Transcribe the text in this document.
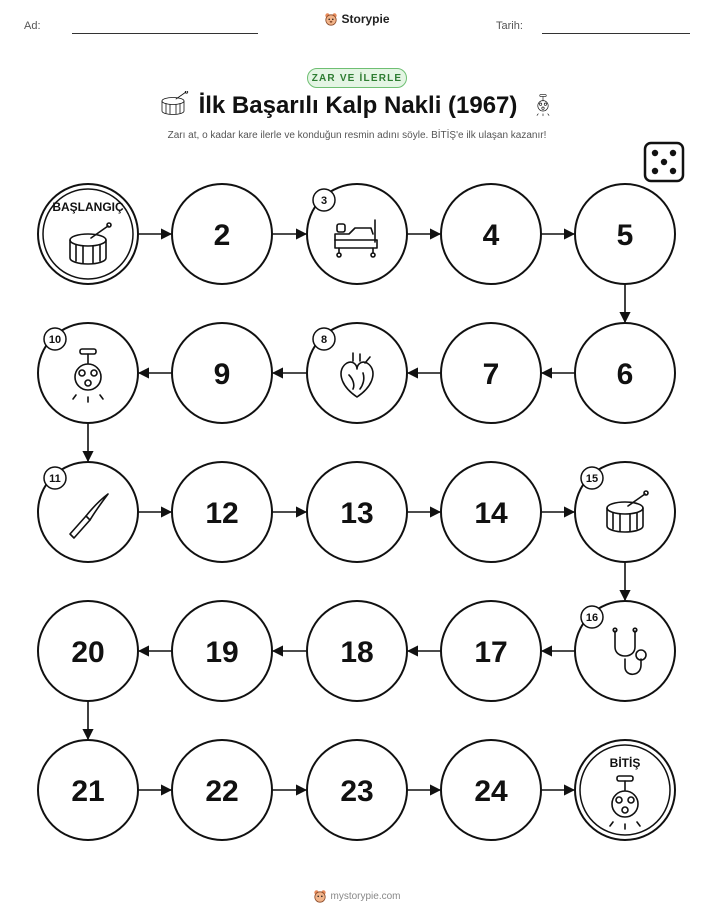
Ad:	Storypie	Tarih:
ZAR VE İLERLE
İlk Başarılı Kalp Nakli (1967)
Zarı at, o kadar kare ilerle ve konduğun resmin adını söyle. BİTİŞ'e ilk ulaşan kazanır!
BAŞLANGIÇ
2
3
4	5
6
7
8
9
10
11
12	13	14
15
16
17
18
19
20
21	22	23	24
BİTİŞ
mystorypie.com
